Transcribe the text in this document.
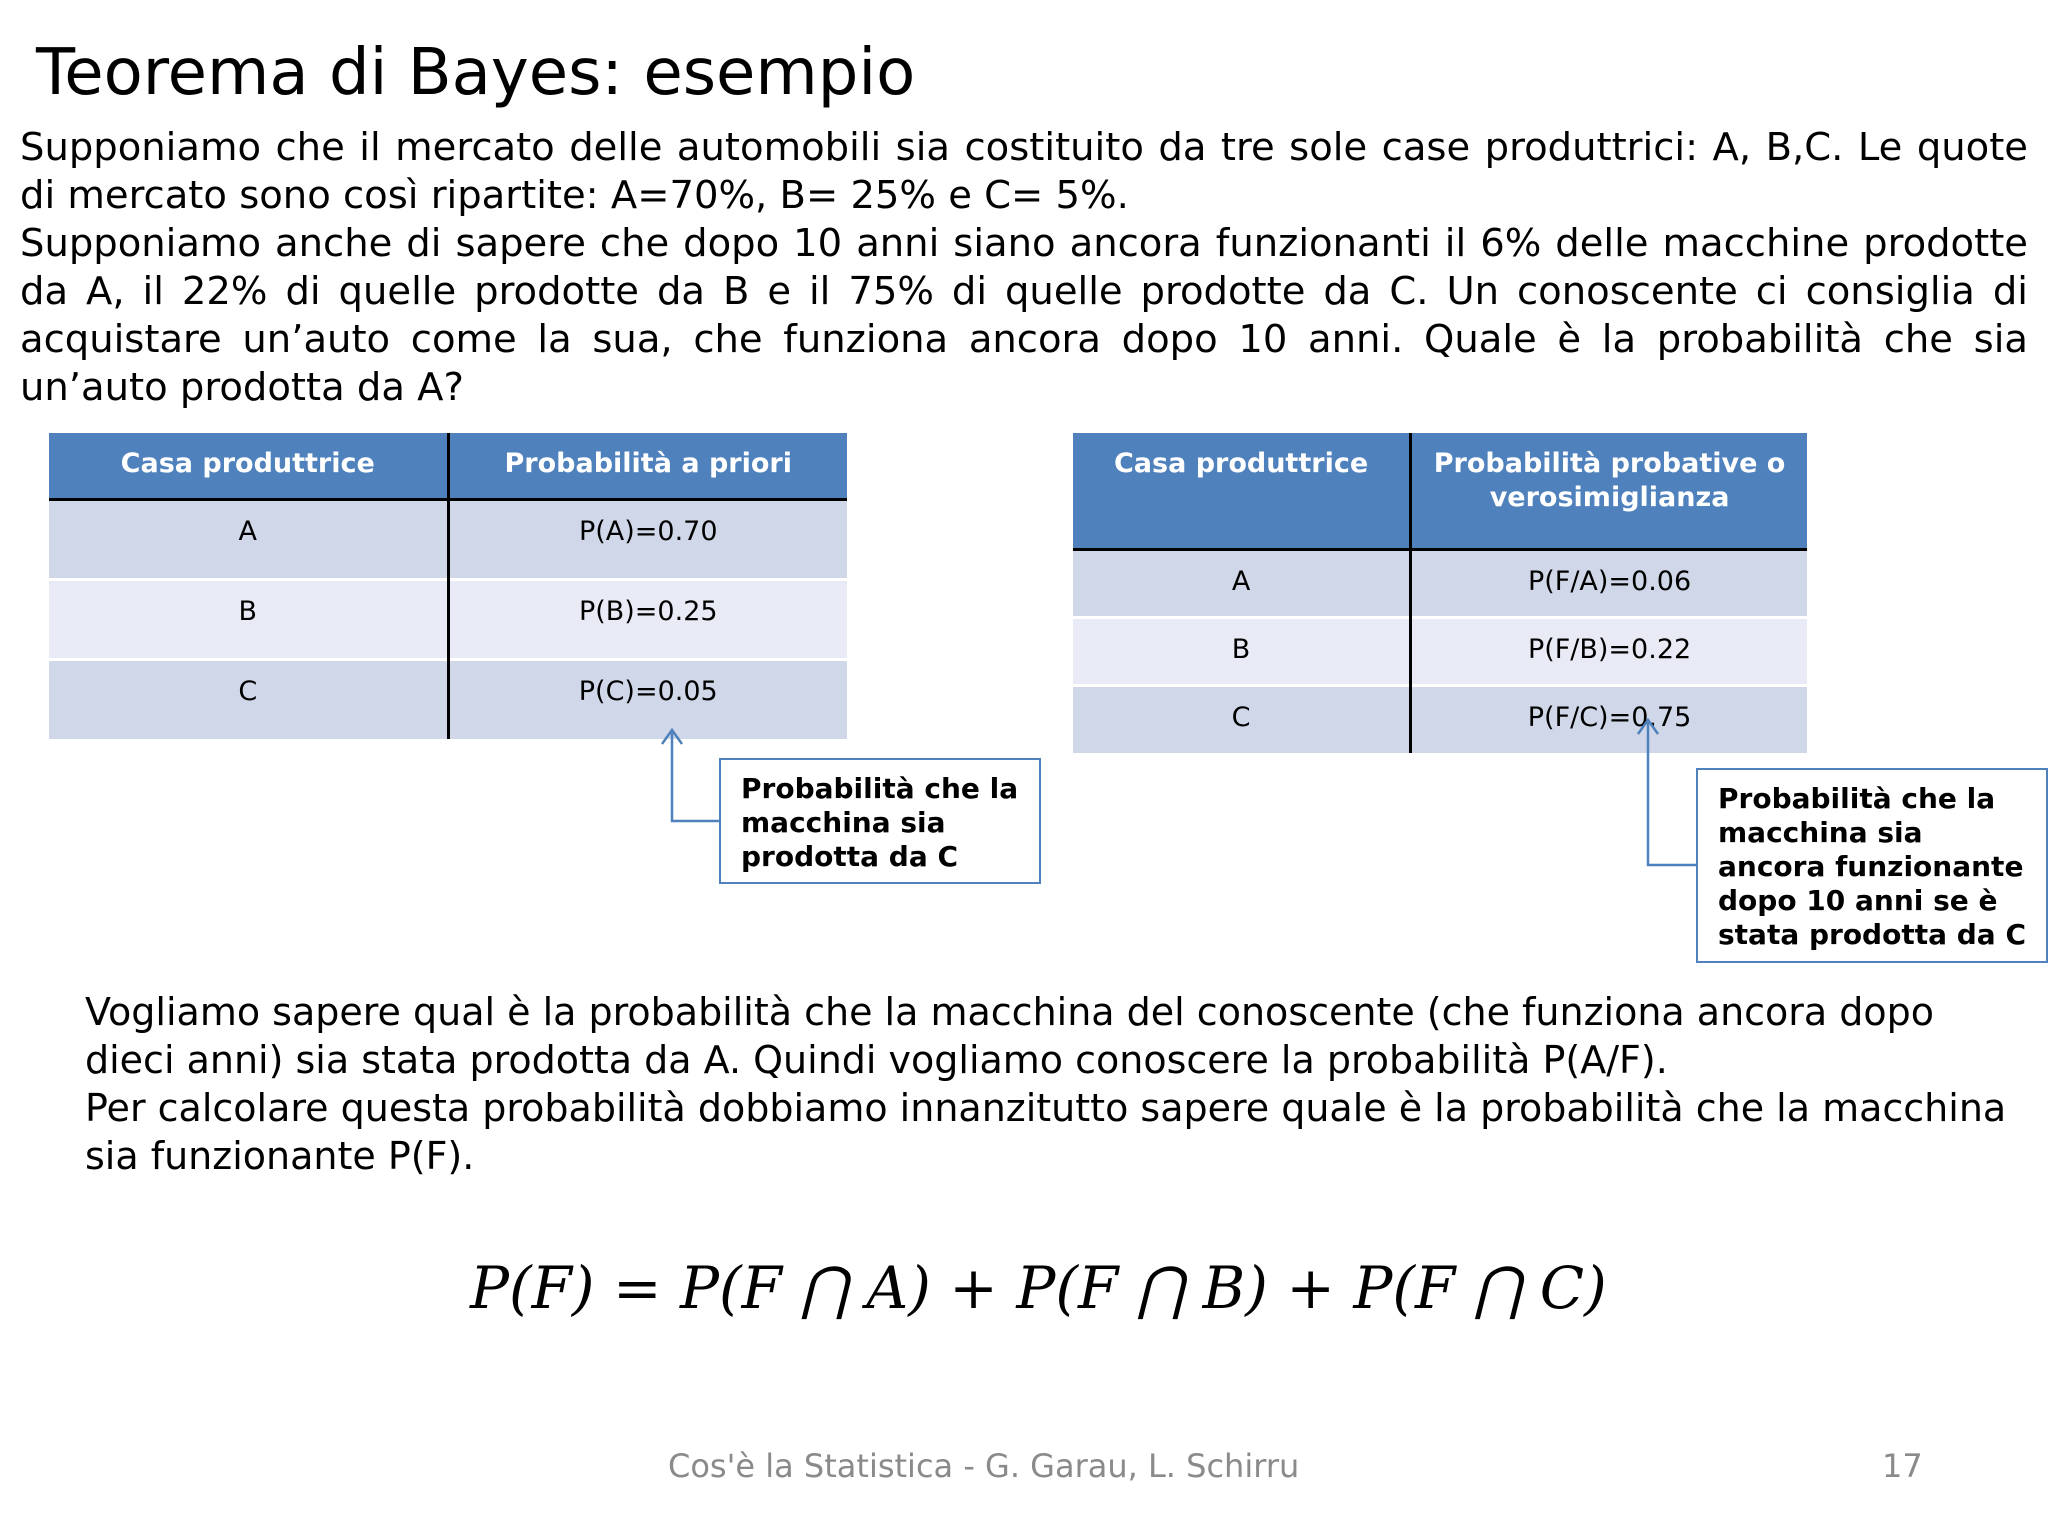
Teorema di Bayes: esempio

Supponiamo che il mercato delle automobili sia costituito da tre sole case produttrici: A, B,C. Le quote di mercato sono così ripartite: A=70%, B= 25% e C= 5%.

Supponiamo anche di sapere che dopo 10 anni siano ancora funzionanti il 6% delle macchine prodotte da A, il 22% di quelle prodotte da B e il 75% di quelle prodotte da C. Un conoscente ci consiglia di acquistare un’auto come la sua, che funziona ancora dopo 10 anni. Quale è la probabilità che sia un’auto prodotta da A?

Casa produttrice	Probabilità a priori
A	P(A)=0.70
B	P(B)=0.25
C	P(C)=0.05
Casa produttrice	Probabilità probative o verosimiglianza
A	P(F/A)=0.06
B	P(F/B)=0.22
C	P(F/C)=0.75
Probabilità che la macchina sia prodotta da C
Probabilità che la macchina sia ancora funzionante dopo 10 anni se è stata prodotta da C

Vogliamo sapere qual è la probabilità che la macchina del conoscente (che funziona ancora dopo dieci anni) sia stata prodotta da A. Quindi vogliamo conoscere la probabilità P(A/F).

Per calcolare questa probabilità dobbiamo innanzitutto sapere quale è la probabilità che la macchina sia funzionante P(F).

P(F) = P(F ⋂ A) + P(F ⋂ B) + P(F ⋂ C)
Cos'è la Statistica - G. Garau, L. Schirru	17
